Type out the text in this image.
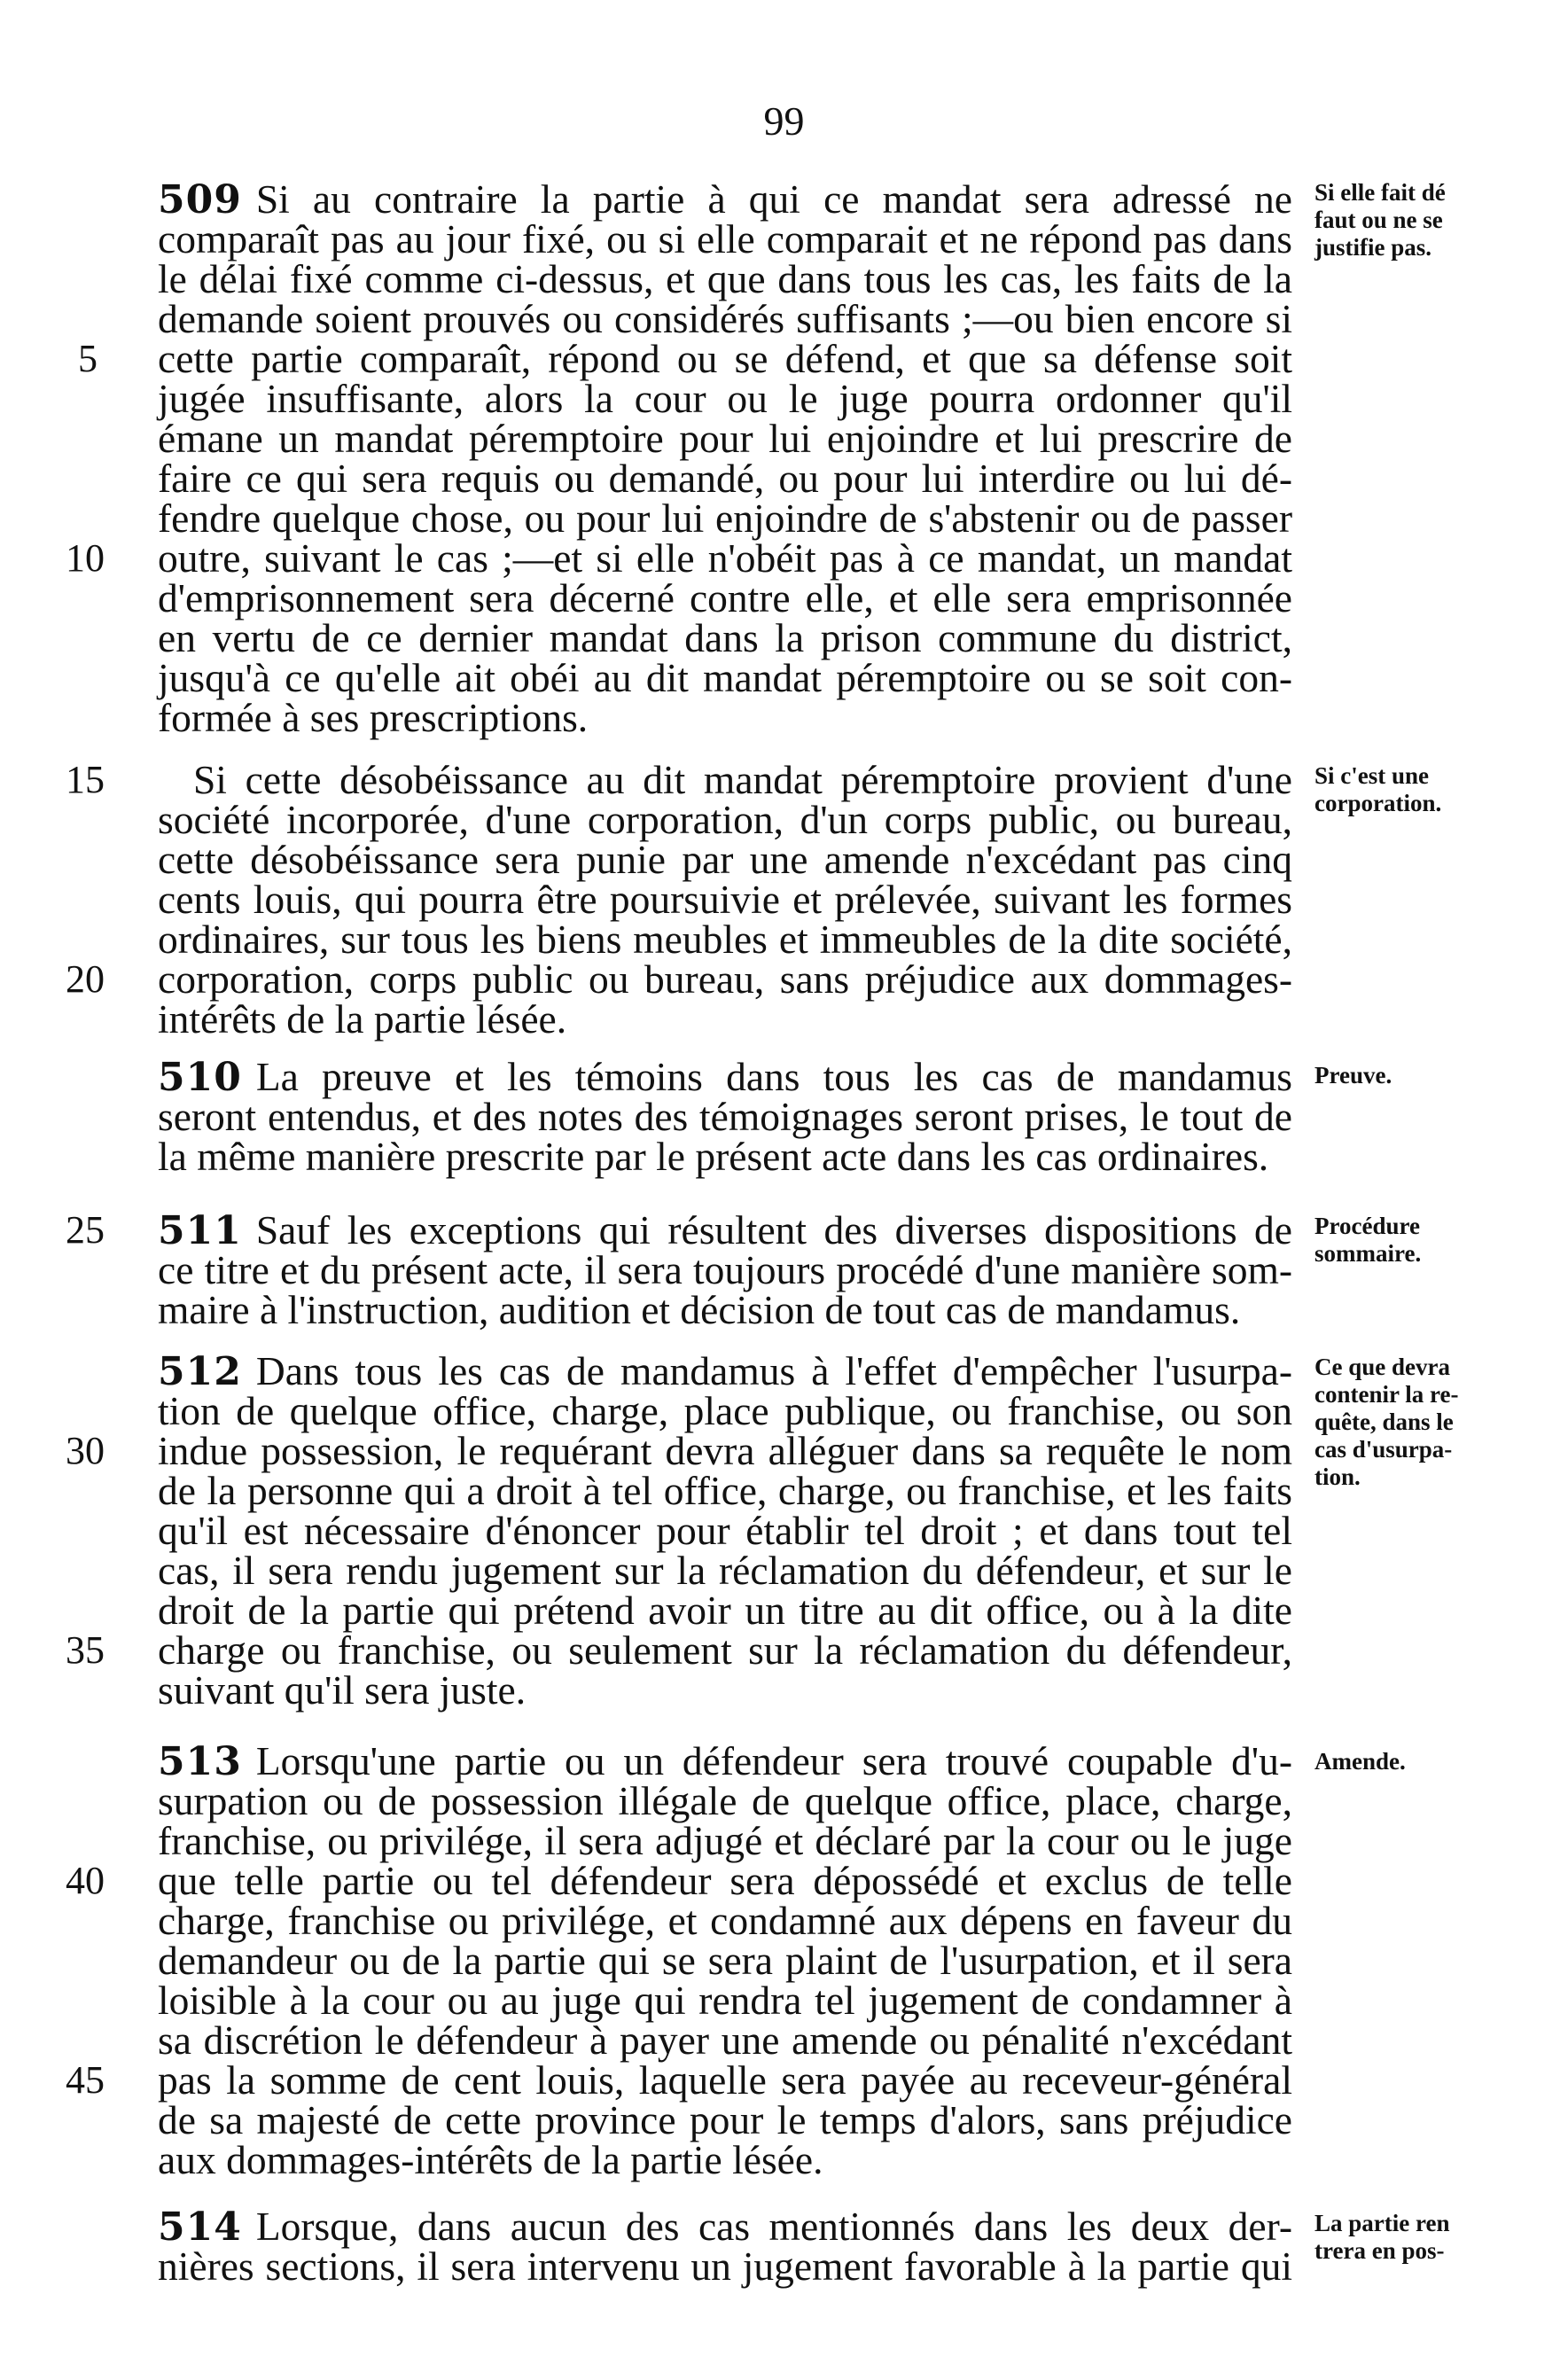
99
509 Si au contraire la partie à qui ce mandat sera adressé ne
comparaît pas au jour fixé, ou si elle comparait et ne répond pas dans
le délai fixé comme ci-dessus, et que dans tous les cas, les faits de la
demande soient prouvés ou considérés suffisants ;—ou bien encore si
cette partie comparaît, répond ou se défend, et que sa défense soit
jugée insuffisante, alors la cour ou le juge pourra ordonner qu'il
émane un mandat péremptoire pour lui enjoindre et lui prescrire de
faire ce qui sera requis ou demandé, ou pour lui interdire ou lui dé-
fendre quelque chose, ou pour lui enjoindre de s'abstenir ou de passer
outre, suivant le cas ;—et si elle n'obéit pas à ce mandat, un mandat
d'emprisonnement sera décerné contre elle, et elle sera emprisonnée
en vertu de ce dernier mandat dans la prison commune du district,
jusqu'à ce qu'elle ait obéi au dit mandat péremptoire ou se soit con-
formée à ses prescriptions.
Si elle fait dé
faut ou ne se
justifie pas.
Si cette désobéissance au dit mandat péremptoire provient d'une
société incorporée, d'une corporation, d'un corps public, ou bureau,
cette désobéissance sera punie par une amende n'excédant pas cinq
cents louis, qui pourra être poursuivie et prélevée, suivant les formes
ordinaires, sur tous les biens meubles et immeubles de la dite société,
corporation, corps public ou bureau, sans préjudice aux dommages-
intérêts de la partie lésée.
Si c'est une
corporation.
510 La preuve et les témoins dans tous les cas de mandamus
seront entendus, et des notes des témoignages seront prises, le tout de
la même manière prescrite par le présent acte dans les cas ordinaires.
Preuve.
511 Sauf les exceptions qui résultent des diverses dispositions de
ce titre et du présent acte, il sera toujours procédé d'une manière som-
maire à l'instruction, audition et décision de tout cas de mandamus.
Procédure
sommaire.
512 Dans tous les cas de mandamus à l'effet d'empêcher l'usurpa-
tion de quelque office, charge, place publique, ou franchise, ou son
indue possession, le requérant devra alléguer dans sa requête le nom
de la personne qui a droit à tel office, charge, ou franchise, et les faits
qu'il est nécessaire d'énoncer pour établir tel droit ; et dans tout tel
cas, il sera rendu jugement sur la réclamation du défendeur, et sur le
droit de la partie qui prétend avoir un titre au dit office, ou à la dite
charge ou franchise, ou seulement sur la réclamation du défendeur,
suivant qu'il sera juste.
Ce que devra
contenir la re-
quête, dans le
cas d'usurpa-
tion.
513 Lorsqu'une partie ou un défendeur sera trouvé coupable d'u-
surpation ou de possession illégale de quelque office, place, charge,
franchise, ou privilége, il sera adjugé et déclaré par la cour ou le juge
que telle partie ou tel défendeur sera dépossédé et exclus de telle
charge, franchise ou privilége, et condamné aux dépens en faveur du
demandeur ou de la partie qui se sera plaint de l'usurpation, et il sera
loisible à la cour ou au juge qui rendra tel jugement de condamner à
sa discrétion le défendeur à payer une amende ou pénalité n'excédant
pas la somme de cent louis, laquelle sera payée au receveur-général
de sa majesté de cette province pour le temps d'alors, sans préjudice
aux dommages-intérêts de la partie lésée.
Amende.
514 Lorsque, dans aucun des cas mentionnés dans les deux der-
nières sections, il sera intervenu un jugement favorable à la partie qui
La partie ren
trera en pos-
5
10
15
20
25
30
35
40
45
